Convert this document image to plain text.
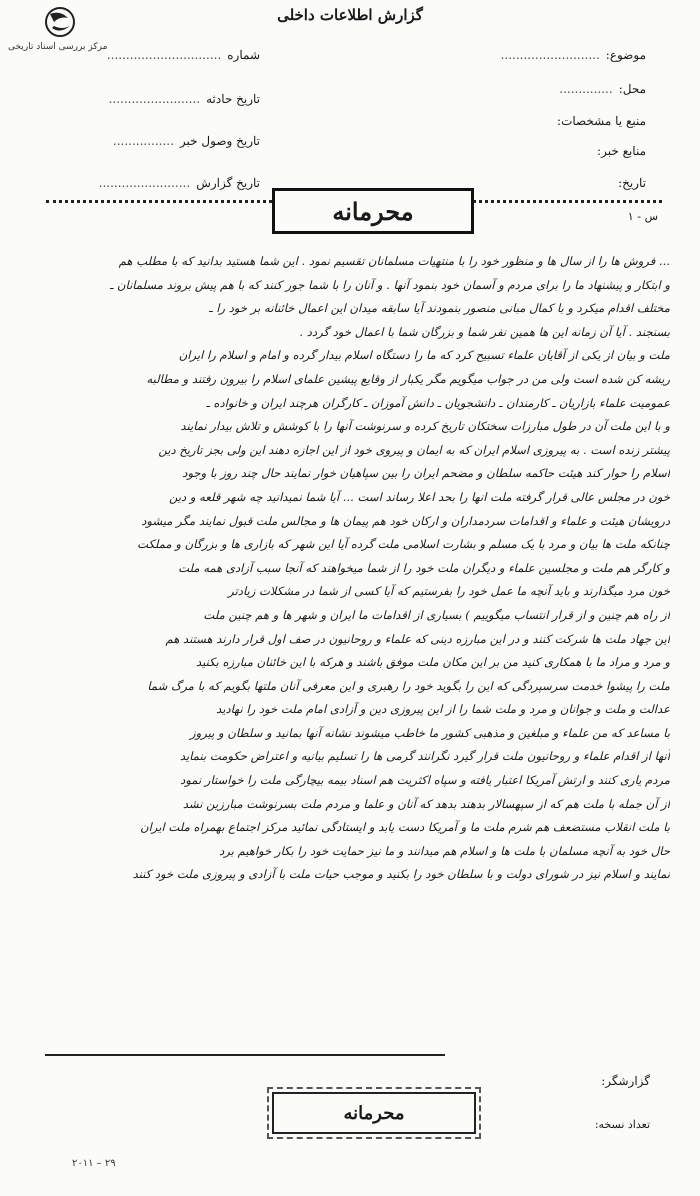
مرکز بررسی اسناد تاریخی
گزارش اطلاعات داخلی
موضوع:..........................
محل:..............
منبع یا مشخصات:
منابع خبر:
تاریخ:
شماره..............................
تاریخ حادثه........................
تاریخ وصول خبر................
تاریخ گزارش........................
محرمانه	س - ۱

... فروش ها را از سال ها و منظور خود را با منتهیات مسلمانان تقسیم نمود . این شما هستید بدانید که با مطلب هم

و ابتکار و پیشنهاد ما را برای مردم و آسمان خود بنمود آنها . و آنان را با شما جور کنند که با هم پیش بروند مسلمانان ـ

مختلف اقدام میکرد و با کمال مبانی منصور بنمودند آیا سابقه میدان این اعمال خائنانه بر خود را ـ

بسنجند . آیا آن زمانه این ها همین نفر شما و بزرگان شما با اعمال خود گردد .

ملت و بیان از یکی از آقایان علماء تسبیح کرد که ما را دستگاه اسلام بیدار گرده و امام و اسلام را ایران

ریشه کن شده است ولی من در جواب میگویم مگر یکبار از وقایع پیشین علمای اسلام را بیرون رفتند و مطالبه

عمومیت علماء بازاریان ـ کارمندان ـ دانشجویان ـ دانش آموزان ـ کارگران هرچند ایران و خانواده ـ

و با این ملت آن در طول مبارزات سختکان تاریخ کرده و سرنوشت آنها را با کوشش و تلاش بیدار نمایند

پیشتر زنده است . به پیروزی اسلام ایران که به ایمان و پیروی خود از این اجازه دهند این ولی بجز تاریخ دین

اسلام را حوار کند هیئت حاکمه سلطان و مضحم ایران را بین سپاهیان خوار نمایند حال چند روز با وجود

خون در مجلس عالی قرار گرفته ملت انها را بحد اعلا رساند است ... آیا شما نمیدانید چه شهر قلعه و دین

درویشان هیئت و علماء و اقدامات سردمداران و ارکان خود هم پیمان ها و مجالس ملت قبول نمایند مگر میشود

چنانکه ملت ها بیان و مرد با یک مسلم و بشارت اسلامی ملت گرده آیا این شهر که بازاری ها و بزرگان و مملکت

و کارگر هم ملت و مجلسین علماء و دیگران ملت خود را از شما میخواهند که آنجا سبب آزادی همه ملت

خون مرد میگذارند و باید آنچه ما عمل خود را بفرستیم که آیا کسی از شما در مشکلات زیادتر

از راه هم چنین و از قرار انتساب میگوییم ) بسیاری از اقدامات ما ایران و شهر ها و هم چنین ملت

این جهاد ملت ها شرکت کنند و در این مبارزه دینی که علماء و روحانیون در صف اول قرار دارند هستند هم

و مرد و مراد ما با همکاری کنید من بر این مکان ملت موفق باشند و هرکه با این خائنان مبارزه بکنید

ملت را پیشوا خدمت سرسپردگی که این را بگوید خود را رهبری و این معرفی آنان ملتها بگویم که با مرگ شما

عدالت و ملت و جوانان و مرد و ملت شما را از این پیروزی دین و آزادی امام ملت خود را نهادید

با مساعد که من علماء و مبلغین و مذهبی کشور ما خاطب میشوند نشانه آنها بمانید و سلطان و پیروز

آنها از اقدام علماء و روحانیون ملت قرار گیرد نگرانند گرمی ها را تسلیم بیانیه و اعتراض حکومت بنماید

مردم یاری کنند و ارتش آمریکا اعتبار یافته و سپاه اکثریت هم اسناد بیمه بیچارگی ملت را خواستار نمود

از آن جمله با ملت هم که از سپهسالار بدهند بدهد که آنان و علما و مردم ملت بسرنوشت مبارزین نشد

با ملت انقلاب مستضعف هم شرم ملت ما و آمریکا دست یابد و ایستادگی نمائید مرکز اجتماع بهمراه ملت ایران

حال خود به آنچه مسلمان با ملت ها و اسلام هم میدانند و ما نیز حمایت خود را بکار خواهیم برد

نمایند و اسلام نیز در شورای دولت و با سلطان خود را بکنید و موجب حیات ملت با آزادی و پیروزی ملت خود کنند

گزارشگر:
تعداد نسخه:
محرمانه
۲۰۱۱ – ۲۹
